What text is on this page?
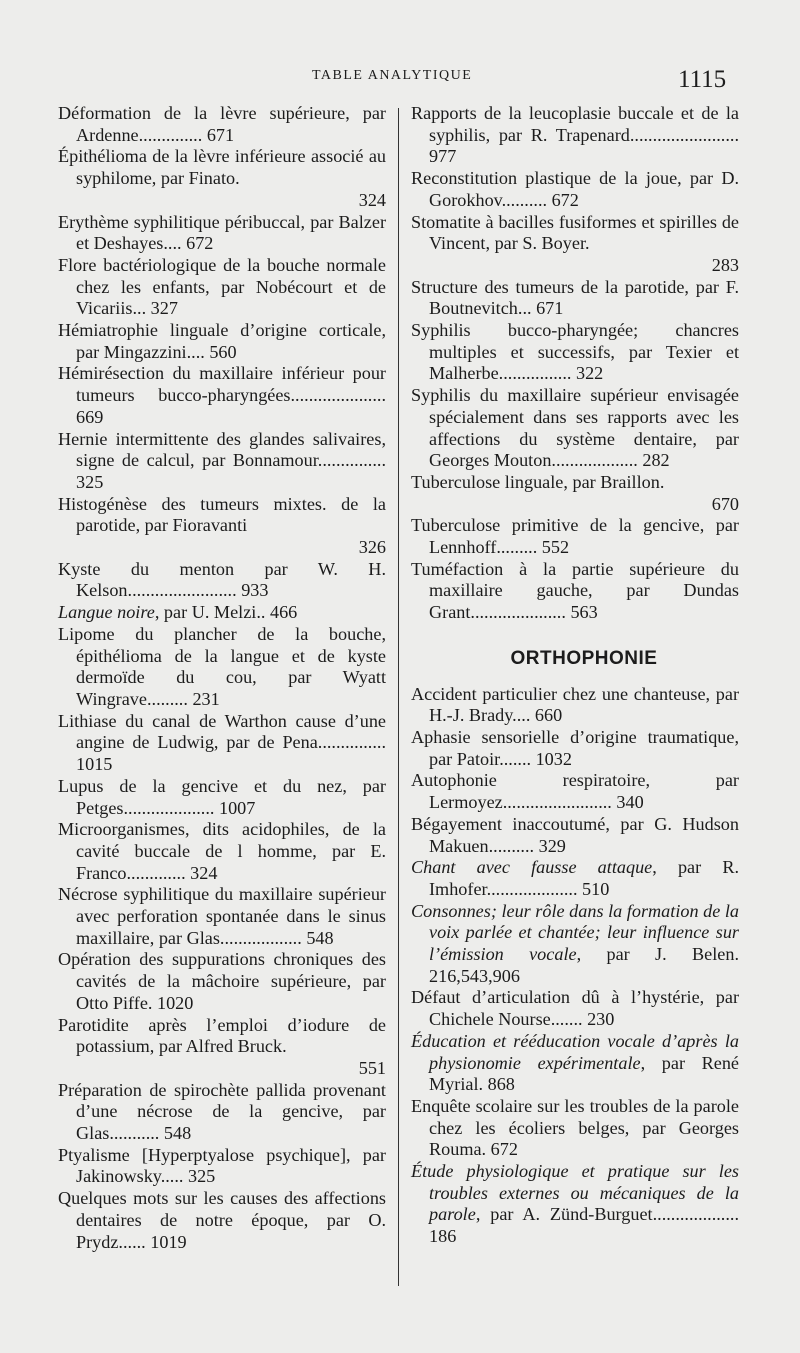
TABLE ANALYTIQUE	1115
Déformation de la lèvre supérieure, par Ardenne.............. 671
Épithélioma de la lèvre inférieure associé au syphilome, par Finato.
324
Erythème syphilitique péribuccal, par Balzer et Deshayes.... 672
Flore bactériologique de la bouche normale chez les enfants, par Nobécourt et de Vicariis... 327
Hémiatrophie linguale d’origine corticale, par Mingazzini.... 560
Hémirésection du maxillaire inférieur pour tumeurs bucco-pharyngées..................... 669
Hernie intermittente des glandes salivaires, signe de calcul, par Bonnamour............... 325
Histogénèse des tumeurs mixtes. de la parotide, par Fioravanti
326
Kyste du menton par W. H. Kelson........................ 933
Langue noire, par U. Melzi.. 466
Lipome du plancher de la bouche, épithélioma de la langue et de kyste dermoïde du cou, par Wyatt Wingrave......... 231
Lithiase du canal de Warthon cause d’une angine de Ludwig, par de Pena............... 1015
Lupus de la gencive et du nez, par Petges.................... 1007
Microorganismes, dits acidophiles, de la cavité buccale de l homme, par E. Franco............. 324
Nécrose syphilitique du maxillaire supérieur avec perforation spontanée dans le sinus maxillaire, par Glas.................. 548
Opération des suppurations chroniques des cavités de la mâchoire supérieure, par Otto Piffe. 1020
Parotidite après l’emploi d’iodure de potassium, par Alfred Bruck.
551
Préparation de spirochète pallida provenant d’une nécrose de la gencive, par Glas........... 548
Ptyalisme [Hyperptyalose psychique], par Jakinowsky..... 325
Quelques mots sur les causes des affections dentaires de notre époque, par O. Prydz...... 1019
Rapports de la leucoplasie buccale et de la syphilis, par R. Trapenard........................ 977
Reconstitution plastique de la joue, par D. Gorokhov.......... 672
Stomatite à bacilles fusiformes et spirilles de Vincent, par S. Boyer.
283
Structure des tumeurs de la parotide, par F. Boutnevitch... 671
Syphilis bucco-pharyngée; chancres multiples et successifs, par Texier et Malherbe................ 322
Syphilis du maxillaire supérieur envisagée spécialement dans ses rapports avec les affections du système dentaire, par Georges Mouton................... 282
Tuberculose linguale, par Braillon.
670
Tuberculose primitive de la gencive, par Lennhoff......... 552
Tuméfaction à la partie supérieure du maxillaire gauche, par Dundas Grant..................... 563
ORTHOPHONIE
Accident particulier chez une chanteuse, par H.-J. Brady.... 660
Aphasie sensorielle d’origine traumatique, par Patoir....... 1032
Autophonie respiratoire, par Lermoyez........................ 340
Bégayement inaccoutumé, par G. Hudson Makuen.......... 329
Chant avec fausse attaque, par R. Imhofer.................... 510
Consonnes; leur rôle dans la formation de la voix parlée et chantée; leur influence sur l’émission vocale, par J. Belen. 216,543,906
Défaut d’articulation dû à l’hystérie, par Chichele Nourse....... 230
Éducation et rééducation vocale d’après la physionomie expérimentale, par René Myrial. 868
Enquête scolaire sur les troubles de la parole chez les écoliers belges, par Georges Rouma. 672
Étude physiologique et pratique sur les troubles externes ou mécaniques de la parole, par A. Zünd-Burguet................... 186
